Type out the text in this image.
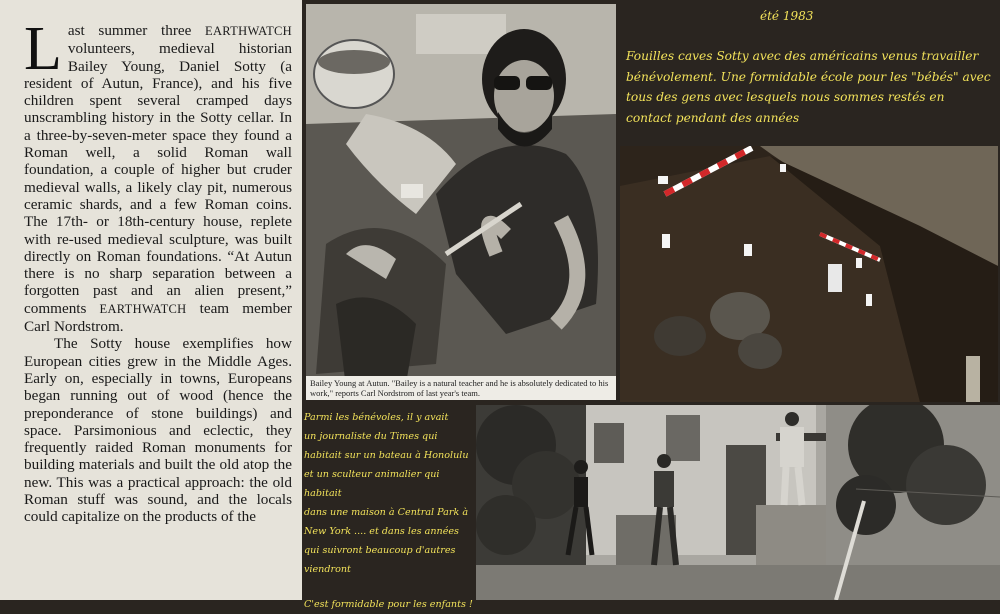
Last summer three EARTHWATCH volunteers, medieval historian Bailey Young, Daniel Sotty (a resident of Autun, France), and his five children spent several cramped days unscrambling history in the Sotty cellar. In a three-by-seven-meter space they found a Roman well, a solid Roman wall foundation, a couple of higher but cruder medieval walls, a likely clay pit, numerous ceramic shards, and a few Roman coins. The 17th- or 18th-century house, replete with re-used medieval sculpture, was built directly on Roman foundations. “At Autun there is no sharp separation between a forgotten past and an alien present,” comments EARTHWATCH team member Carl Nordstrom.

The Sotty house exemplifies how European cities grew in the Middle Ages. Early on, especially in towns, Europeans began running out of wood (hence the preponderance of stone buildings) and space. Parsimonious and eclectic, they frequently raided Roman monuments for building materials and built the old atop the new. This was a practical approach: the old Roman stuff was sound, and the locals could capitalize on the products of the

Bailey Young at Autun. "Bailey is a natural teacher and he is absolutely dedicated to his work," reports Carl Nordstrom of last year's team.
été 1983
Fouilles caves Sotty avec des américains venus travailler bénévolement. Une formidable école pour les "bébés" avec tous des gens avec lesquels nous sommes restés en contact pendant des années
Parmi les bénévoles, il y avait
un journaliste du Times qui
habitait sur un bateau à Honolulu
et un sculteur animalier qui habitait
dans une maison à Central Park à
New York .... et dans les années
qui suivront beaucoup d'autres viendront
C'est formidable pour les enfants !
